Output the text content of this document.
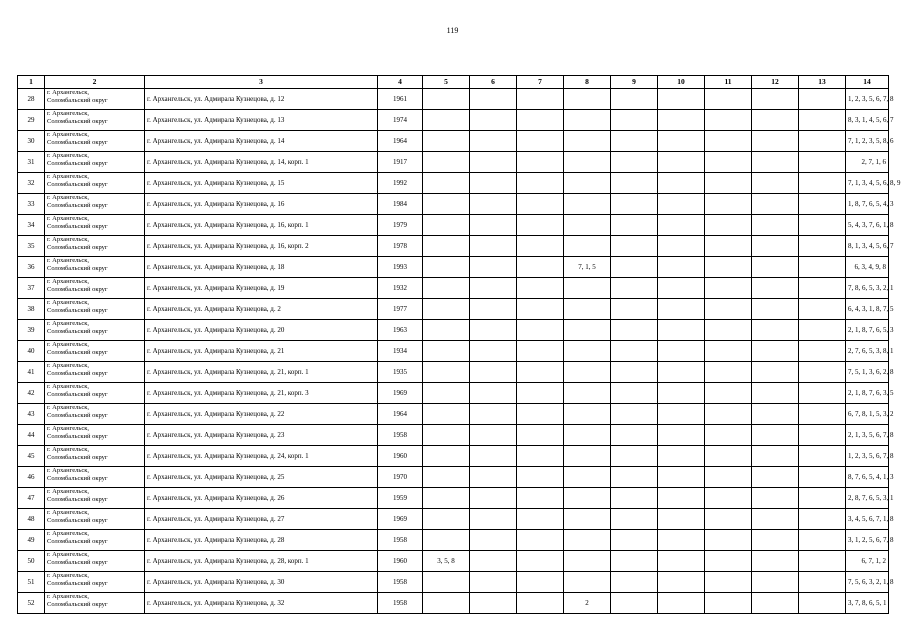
119
1	2	3	4	5	6	7	8	9	10	11	12	13	14
28	г. Архангельск,
Соломбальский округ	г. Архангельск, ул. Адмирала Кузнецова, д. 12	1961										1, 2, 3, 5, 6, 7, 8
29	г. Архангельск,
Соломбальский округ	г. Архангельск, ул. Адмирала Кузнецова, д. 13	1974										8, 3, 1, 4, 5, 6, 7
30	г. Архангельск,
Соломбальский округ	г. Архангельск, ул. Адмирала Кузнецова, д. 14	1964										7, 1, 2, 3, 5, 8, 6
31	г. Архангельск,
Соломбальский округ	г. Архангельск, ул. Адмирала Кузнецова, д. 14, корп. 1	1917										2, 7, 1, 6
32	г. Архангельск,
Соломбальский округ	г. Архангельск, ул. Адмирала Кузнецова, д. 15	1992										7, 1, 3, 4, 5, 6, 8, 9
33	г. Архангельск,
Соломбальский округ	г. Архангельск, ул. Адмирала Кузнецова, д. 16	1984										1, 8, 7, 6, 5, 4, 3
34	г. Архангельск,
Соломбальский округ	г. Архангельск, ул. Адмирала Кузнецова, д. 16, корп. 1	1979										5, 4, 3, 7, 6, 1, 8
35	г. Архангельск,
Соломбальский округ	г. Архангельск, ул. Адмирала Кузнецова, д. 16, корп. 2	1978										8, 1, 3, 4, 5, 6, 7
36	г. Архангельск,
Соломбальский округ	г. Архангельск, ул. Адмирала Кузнецова, д. 18	1993				7, 1, 5						6, 3, 4, 9, 8
37	г. Архангельск,
Соломбальский округ	г. Архангельск, ул. Адмирала Кузнецова, д. 19	1932										7, 8, 6, 5, 3, 2, 1
38	г. Архангельск,
Соломбальский округ	г. Архангельск, ул. Адмирала Кузнецова, д. 2	1977										6, 4, 3, 1, 8, 7, 5
39	г. Архангельск,
Соломбальский округ	г. Архангельск, ул. Адмирала Кузнецова, д. 20	1963										2, 1, 8, 7, 6, 5, 3
40	г. Архангельск,
Соломбальский округ	г. Архангельск, ул. Адмирала Кузнецова, д. 21	1934										2, 7, 6, 5, 3, 8, 1
41	г. Архангельск,
Соломбальский округ	г. Архангельск, ул. Адмирала Кузнецова, д. 21, корп. 1	1935										7, 5, 1, 3, 6, 2, 8
42	г. Архангельск,
Соломбальский округ	г. Архангельск, ул. Адмирала Кузнецова, д. 21, корп. 3	1969										2, 1, 8, 7, 6, 3, 5
43	г. Архангельск,
Соломбальский округ	г. Архангельск, ул. Адмирала Кузнецова, д. 22	1964										6, 7, 8, 1, 5, 3, 2
44	г. Архангельск,
Соломбальский округ	г. Архангельск, ул. Адмирала Кузнецова, д. 23	1958										2, 1, 3, 5, 6, 7, 8
45	г. Архангельск,
Соломбальский округ	г. Архангельск, ул. Адмирала Кузнецова, д. 24, корп. 1	1960										1, 2, 3, 5, 6, 7, 8
46	г. Архангельск,
Соломбальский округ	г. Архангельск, ул. Адмирала Кузнецова, д. 25	1970										8, 7, 6, 5, 4, 1, 3
47	г. Архангельск,
Соломбальский округ	г. Архангельск, ул. Адмирала Кузнецова, д. 26	1959										2, 8, 7, 6, 5, 3, 1
48	г. Архангельск,
Соломбальский округ	г. Архангельск, ул. Адмирала Кузнецова, д. 27	1969										3, 4, 5, 6, 7, 1, 8
49	г. Архангельск,
Соломбальский округ	г. Архангельск, ул. Адмирала Кузнецова, д. 28	1958										3, 1, 2, 5, 6, 7, 8
50	г. Архангельск,
Соломбальский округ	г. Архангельск, ул. Адмирала Кузнецова, д. 28, корп. 1	1960	3, 5, 8									6, 7, 1, 2
51	г. Архангельск,
Соломбальский округ	г. Архангельск, ул. Адмирала Кузнецова, д. 30	1958										7, 5, 6, 3, 2, 1, 8
52	г. Архангельск,
Соломбальский округ	г. Архангельск, ул. Адмирала Кузнецова, д. 32	1958				2						3, 7, 8, 6, 5, 1
